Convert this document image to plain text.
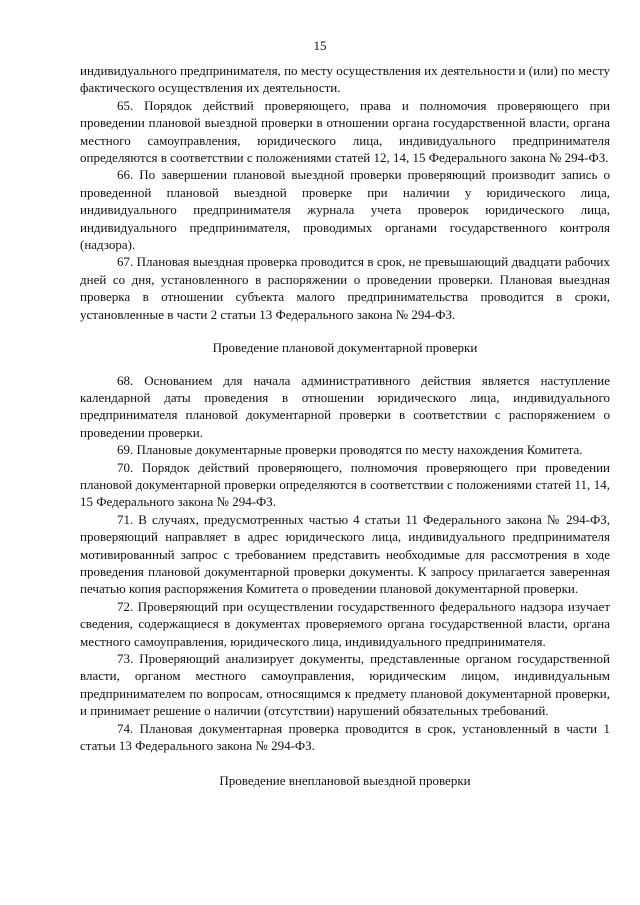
15

индивидуального предпринимателя, по месту осуществления их деятельности и (или) по месту фактического осуществления их деятельности.

65. Порядок действий проверяющего, права и полномочия проверяющего при проведении плановой выездной проверки в отношении органа государственной власти, органа местного самоуправления, юридического лица, индивидуального предпринимателя определяются в соответствии с положениями статей 12, 14, 15 Федерального закона № 294-ФЗ.

66. По завершении плановой выездной проверки проверяющий производит запись о проведенной плановой выездной проверке при наличии у юридического лица, индивидуального предпринимателя журнала учета проверок юридического лица, индивидуального предпринимателя, проводимых органами государственного контроля (надзора).

67. Плановая выездная проверка проводится в срок, не превышающий двадцати рабочих дней со дня, установленного в распоряжении о проведении проверки. Плановая выездная проверка в отношении субъекта малого предпринимательства проводится в сроки, установленные в части 2 статьи 13 Федерального закона № 294-ФЗ.

Проведение плановой документарной проверки

68. Основанием для начала административного действия является наступление календарной даты проведения в отношении юридического лица, индивидуального предпринимателя плановой документарной проверки в соответствии с распоряжением о проведении проверки.

69. Плановые документарные проверки проводятся по месту нахождения Комитета.

70. Порядок действий проверяющего, полномочия проверяющего при проведении плановой документарной проверки определяются в соответствии с положениями статей 11, 14, 15 Федерального закона № 294-ФЗ.

71. В случаях, предусмотренных частью 4 статьи 11 Федерального закона № 294-ФЗ, проверяющий направляет в адрес юридического лица, индивидуального предпринимателя мотивированный запрос с требованием представить необходимые для рассмотрения в ходе проведения плановой документарной проверки документы. К запросу прилагается заверенная печатью копия распоряжения Комитета о проведении плановой документарной проверки.

72. Проверяющий при осуществлении государственного федерального надзора изучает сведения, содержащиеся в документах проверяемого органа государственной власти, органа местного самоуправления, юридического лица, индивидуального предпринимателя.

73. Проверяющий анализирует документы, представленные органом государственной власти, органом местного самоуправления, юридическим лицом, индивидуальным предпринимателем по вопросам, относящимся к предмету плановой документарной проверки, и принимает решение о наличии (отсутствии) нарушений обязательных требований.

74. Плановая документарная проверка проводится в срок, установленный в части 1 статьи 13 Федерального закона № 294-ФЗ.

Проведение внеплановой выездной проверки
